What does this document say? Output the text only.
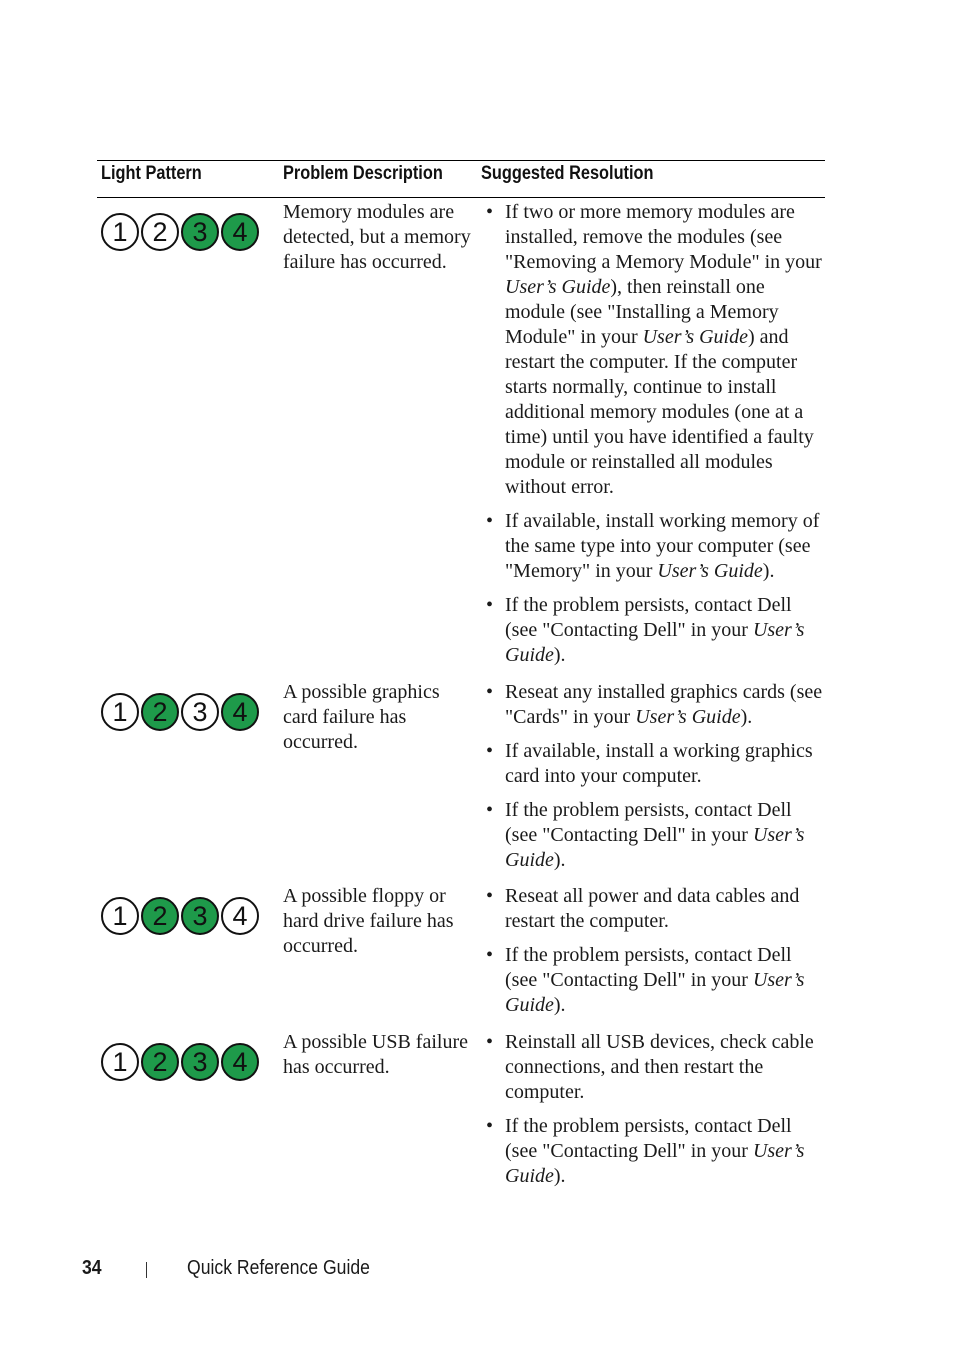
Light Pattern	Problem Description Suggested Resolution
1 2 3 4
Memory modules are detected, but a memory failure has occurred.
• If two or more memory modules are installed, remove the modules (see "Removing a Memory Module" in your User’s Guide), then reinstall one module (see "Installing a Memory Module" in your User’s Guide) and restart the computer. If the computer starts normally, continue to install additional memory modules (one at a time) until you have identified a faulty module or reinstalled all modules without error.
• If available, install working memory of the same type into your computer (see "Memory" in your User’s Guide).
• If the problem persists, contact Dell (see "Contacting Dell" in your User’s Guide).
1 2 3 4
A possible graphics card failure has occurred.
• Reseat any installed graphics cards (see "Cards" in your User’s Guide).
• If available, install a working graphics card into your computer.
• If the problem persists, contact Dell (see "Contacting Dell" in your User’s Guide).
1 2 3 4
A possible floppy or hard drive failure has occurred.
• Reseat all power and data cables and restart the computer.
• If the problem persists, contact Dell (see "Contacting Dell" in your User’s Guide).
1 2 3 4
A possible USB failure has occurred.
• Reinstall all USB devices, check cable connections, and then restart the computer.
• If the problem persists, contact Dell (see "Contacting Dell" in your User’s Guide).
34	Quick Reference Guide
